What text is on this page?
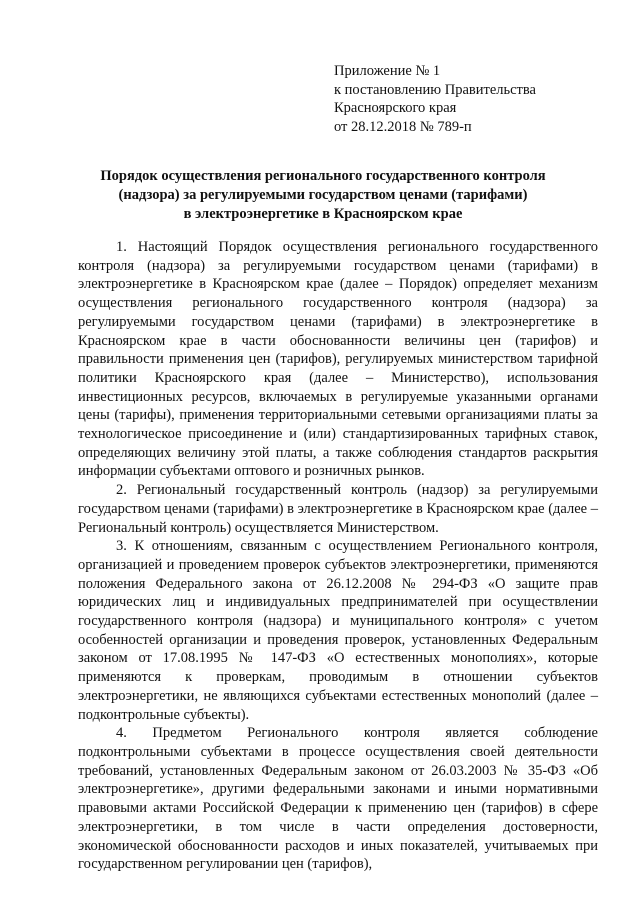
Приложение № 1
к постановлению Правительства
Красноярского края
от 28.12.2018 № 789-п
Порядок осуществления регионального государственного контроля
(надзора) за регулируемыми государством ценами (тарифами)
в электроэнергетике в Красноярском крае

1. Настоящий Порядок осуществления регионального государственного контроля (надзора) за регулируемыми государством ценами (тарифами) в электроэнергетике в Красноярском крае (далее – Порядок) определяет механизм осуществления регионального государственного контроля (надзора) за регулируемыми государством ценами (тарифами) в электроэнергетике в Красноярском крае в части обоснованности величины цен (тарифов) и правильности применения цен (тарифов), регулируемых министерством тарифной политики Красноярского края (далее – Министерство), использования инвестиционных ресурсов, включаемых в регулируемые указанными органами цены (тарифы), применения территориальными сетевыми организациями платы за технологическое присоединение и (или) стандартизированных тарифных ставок, определяющих величину этой платы, а также соблюдения стандартов раскрытия информации субъектами оптового и розничных рынков.

2. Региональный государственный контроль (надзор) за регулируемыми государством ценами (тарифами) в электроэнергетике в Красноярском крае (далее – Региональный контроль) осуществляется Министерством.

3. К отношениям, связанным с осуществлением Регионального контроля, организацией и проведением проверок субъектов электроэнергетики, применяются положения Федерального закона от 26.12.2008 № 294-ФЗ «О защите прав юридических лиц и индивидуальных предпринимателей при осуществлении государственного контроля (надзора) и муниципального контроля» с учетом особенностей организации и проведения проверок, установленных Федеральным законом от 17.08.1995 № 147-ФЗ «О естественных монополиях», которые применяются к проверкам, проводимым в отношении субъектов электроэнергетики, не являющихся субъектами естественных монополий (далее – подконтрольные субъекты).

4. Предметом Регионального контроля является соблюдение подконтрольными субъектами в процессе осуществления своей деятельности требований, установленных Федеральным законом от 26.03.2003 № 35-ФЗ «Об электроэнергетике», другими федеральными законами и иными нормативными правовыми актами Российской Федерации к применению цен (тарифов) в сфере электроэнергетики, в том числе в части определения достоверности, экономической обоснованности расходов и иных показателей, учитываемых при государственном регулировании цен (тарифов),
